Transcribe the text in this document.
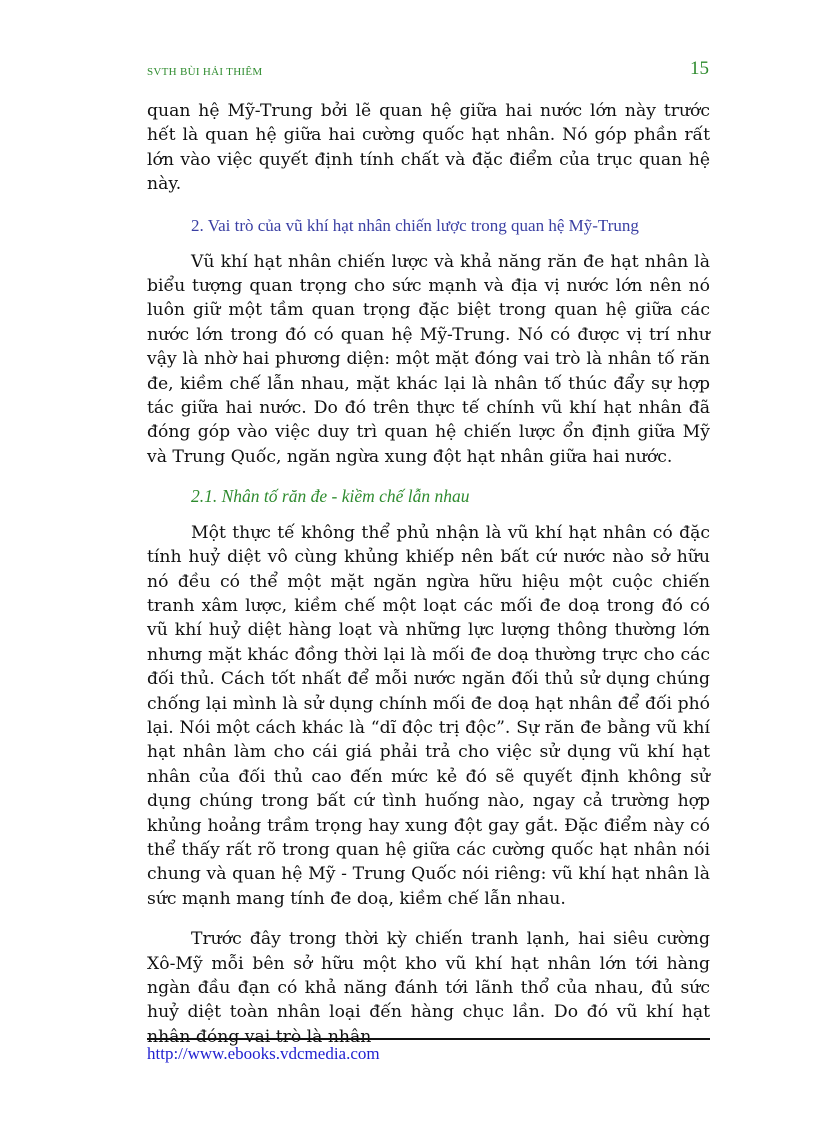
SVTH BÙI HẢI THIÊM	15

quan hệ Mỹ-Trung bởi lẽ quan hệ giữa hai nước lớn này trước hết là quan hệ giữa hai cường quốc hạt nhân. Nó góp phần rất lớn vào việc quyết định tính chất và đặc điểm của trục quan hệ này.

2. Vai trò của vũ khí hạt nhân chiến lược trong quan hệ Mỹ-Trung

Vũ khí hạt nhân chiến lược và khả năng răn đe hạt nhân là biểu tượng quan trọng cho sức mạnh và địa vị nước lớn nên nó luôn giữ một tầm quan trọng đặc biệt trong quan hệ giữa các nước lớn trong đó có quan hệ Mỹ-Trung. Nó có được vị trí như vậy là nhờ hai phương diện: một mặt đóng vai trò là nhân tố răn đe, kiềm chế lẫn nhau, mặt khác lại là nhân tố thúc đẩy sự hợp tác giữa hai nước. Do đó trên thực tế chính vũ khí hạt nhân đã đóng góp vào việc duy trì quan hệ chiến lược ổn định giữa Mỹ và Trung Quốc, ngăn ngừa xung đột hạt nhân giữa hai nước.

2.1. Nhân tố răn đe - kiềm chế lẫn nhau

Một thực tế không thể phủ nhận là vũ khí hạt nhân có đặc tính huỷ diệt vô cùng khủng khiếp nên bất cứ nước nào sở hữu nó đều có thể một mặt ngăn ngừa hữu hiệu một cuộc chiến tranh xâm lược, kiềm chế một loạt các mối đe doạ trong đó có vũ khí huỷ diệt hàng loạt và những lực lượng thông thường lớn nhưng mặt khác đồng thời lại là mối đe doạ thường trực cho các đối thủ. Cách tốt nhất để mỗi nước ngăn đối thủ sử dụng chúng chống lại mình là sử dụng chính mối đe doạ hạt nhân để đối phó lại. Nói một cách khác là “dĩ độc trị độc”. Sự răn đe bằng vũ khí hạt nhân làm cho cái giá phải trả cho việc sử dụng vũ khí hạt nhân của đối thủ cao đến mức kẻ đó sẽ quyết định không sử dụng chúng trong bất cứ tình huống nào, ngay cả trường hợp khủng hoảng trầm trọng hay xung đột gay gắt. Đặc điểm này có thể thấy rất rõ trong quan hệ giữa các cường quốc hạt nhân nói chung và quan hệ Mỹ - Trung Quốc nói riêng: vũ khí hạt nhân là sức mạnh mang tính đe doạ, kiềm chế lẫn nhau.

Trước đây trong thời kỳ chiến tranh lạnh, hai siêu cường Xô-Mỹ mỗi bên sở hữu một kho vũ khí hạt nhân lớn tới hàng ngàn đầu đạn có khả năng đánh tới lãnh thổ của nhau, đủ sức huỷ diệt toàn nhân loại đến hàng chục lần. Do đó vũ khí hạt nhân đóng vai trò là nhân

http://www.ebooks.vdcmedia.com
